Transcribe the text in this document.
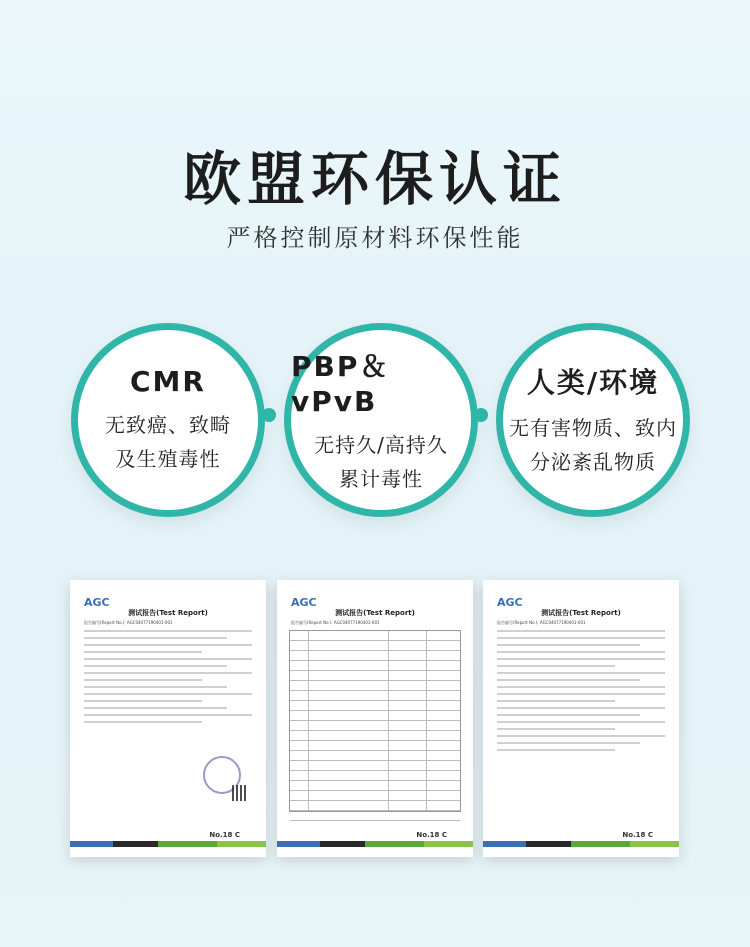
欧盟环保认证
严格控制原材料环保性能
CMR
无致癌、致畸
及生殖毒性
PBP＆vPvB
无持久/高持久
累计毒性
人类/环境
无有害物质、致内
分泌紊乱物质
AGC
测试报告(Test Report)
报告编号(Report No.): AGC04077190401-001
No.18 C
AGC
测试报告(Test Report)
报告编号(Report No.): AGC04077190401-001
No.18 C
AGC
测试报告(Test Report)
报告编号(Report No.): AGC04077190401-001
No.18 C
